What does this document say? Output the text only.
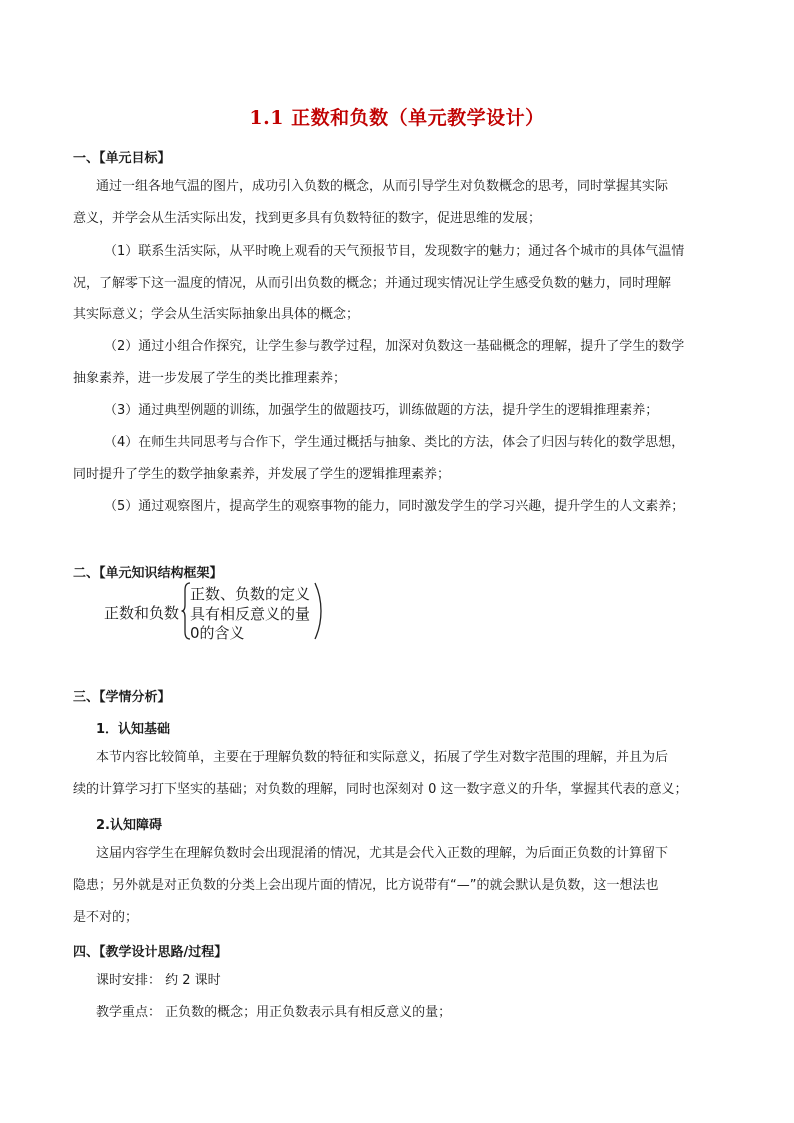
1.1 正数和负数（单元教学设计）
一、【单元目标】
通过一组各地气温的图片，成功引入负数的概念，从而引导学生对负数概念的思考，同时掌握其实际
意义，并学会从生活实际出发，找到更多具有负数特征的数字，促进思维的发展；
（1）联系生活实际，从平时晚上观看的天气预报节目，发现数字的魅力；通过各个城市的具体气温情
况，了解零下这一温度的情况，从而引出负数的概念；并通过现实情况让学生感受负数的魅力，同时理解
其实际意义；学会从生活实际抽象出具体的概念；
（2）通过小组合作探究，让学生参与教学过程，加深对负数这一基础概念的理解，提升了学生的数学
抽象素养，进一步发展了学生的类比推理素养；
（3）通过典型例题的训练，加强学生的做题技巧，训练做题的方法，提升学生的逻辑推理素养；
（4）在师生共同思考与合作下，学生通过概括与抽象、类比的方法，体会了归因与转化的数学思想，
同时提升了学生的数学抽象素养，并发展了学生的逻辑推理素养；
（5）通过观察图片，提高学生的观察事物的能力，同时激发学生的学习兴趣，提升学生的人文素养；
二、【单元知识结构框架】
正数和负数
正数、负数的定义
具有相反意义的量
0的含义
三、【学情分析】
1．认知基础
本节内容比较简单，主要在于理解负数的特征和实际意义，拓展了学生对数字范围的理解，并且为后
续的计算学习打下坚实的基础；对负数的理解，同时也深刻对 0 这一数字意义的升华，掌握其代表的意义；
2.认知障碍
这届内容学生在理解负数时会出现混淆的情况，尤其是会代入正数的理解，为后面正负数的计算留下
隐患；另外就是对正负数的分类上会出现片面的情况，比方说带有“—”的就会默认是负数，这一想法也
是不对的；
四、【教学设计思路/过程】
课时安排： 约 2 课时
教学重点： 正负数的概念；用正负数表示具有相反意义的量；
